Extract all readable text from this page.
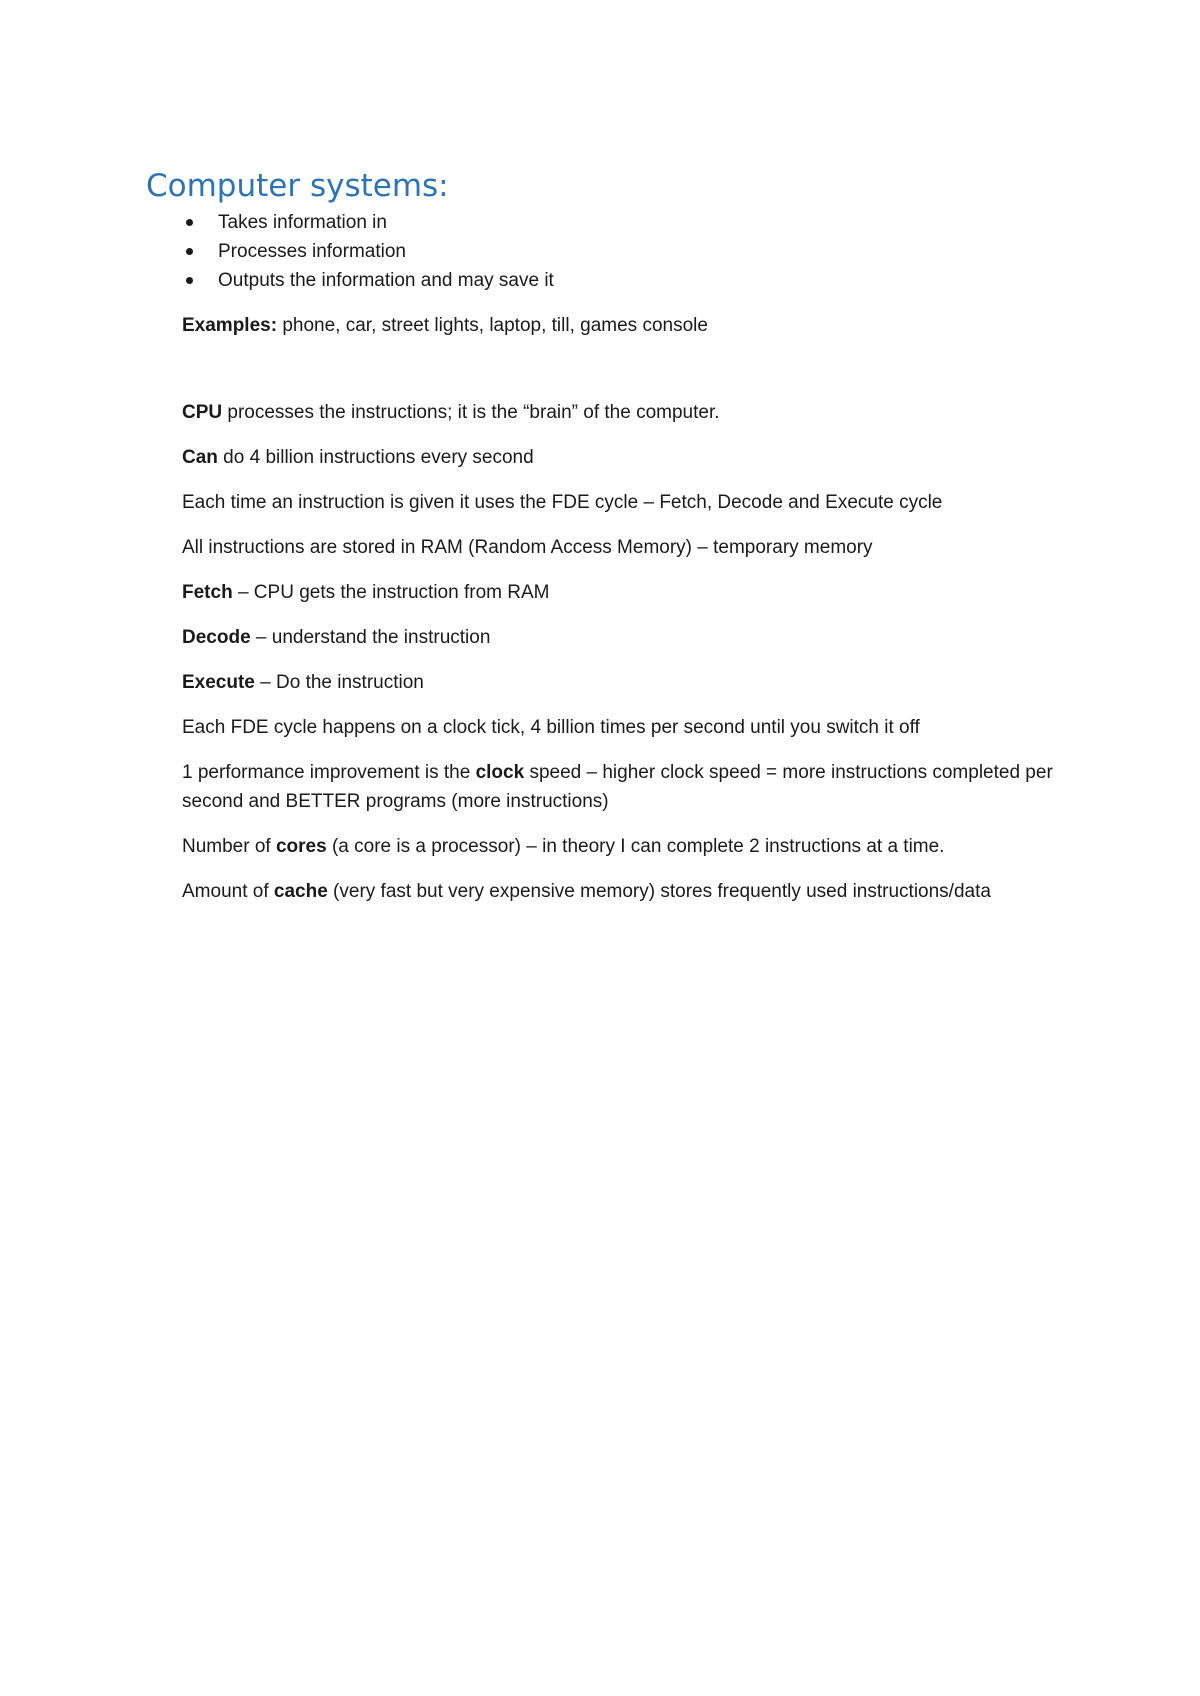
Computer systems:
Takes information in
Processes information
Outputs the information and may save it

Examples: phone, car, street lights, laptop, till, games console

CPU processes the instructions; it is the “brain” of the computer.

Can do 4 billion instructions every second

Each time an instruction is given it uses the FDE cycle – Fetch, Decode and Execute cycle

All instructions are stored in RAM (Random Access Memory) – temporary memory

Fetch – CPU gets the instruction from RAM

Decode – understand the instruction

Execute – Do the instruction

Each FDE cycle happens on a clock tick, 4 billion times per second until you switch it off

1 performance improvement is the clock speed – higher clock speed = more instructions completed per second and BETTER programs (more instructions)

Number of cores (a core is a processor) – in theory I can complete 2 instructions at a time.

Amount of cache (very fast but very expensive memory) stores frequently used instructions/data
